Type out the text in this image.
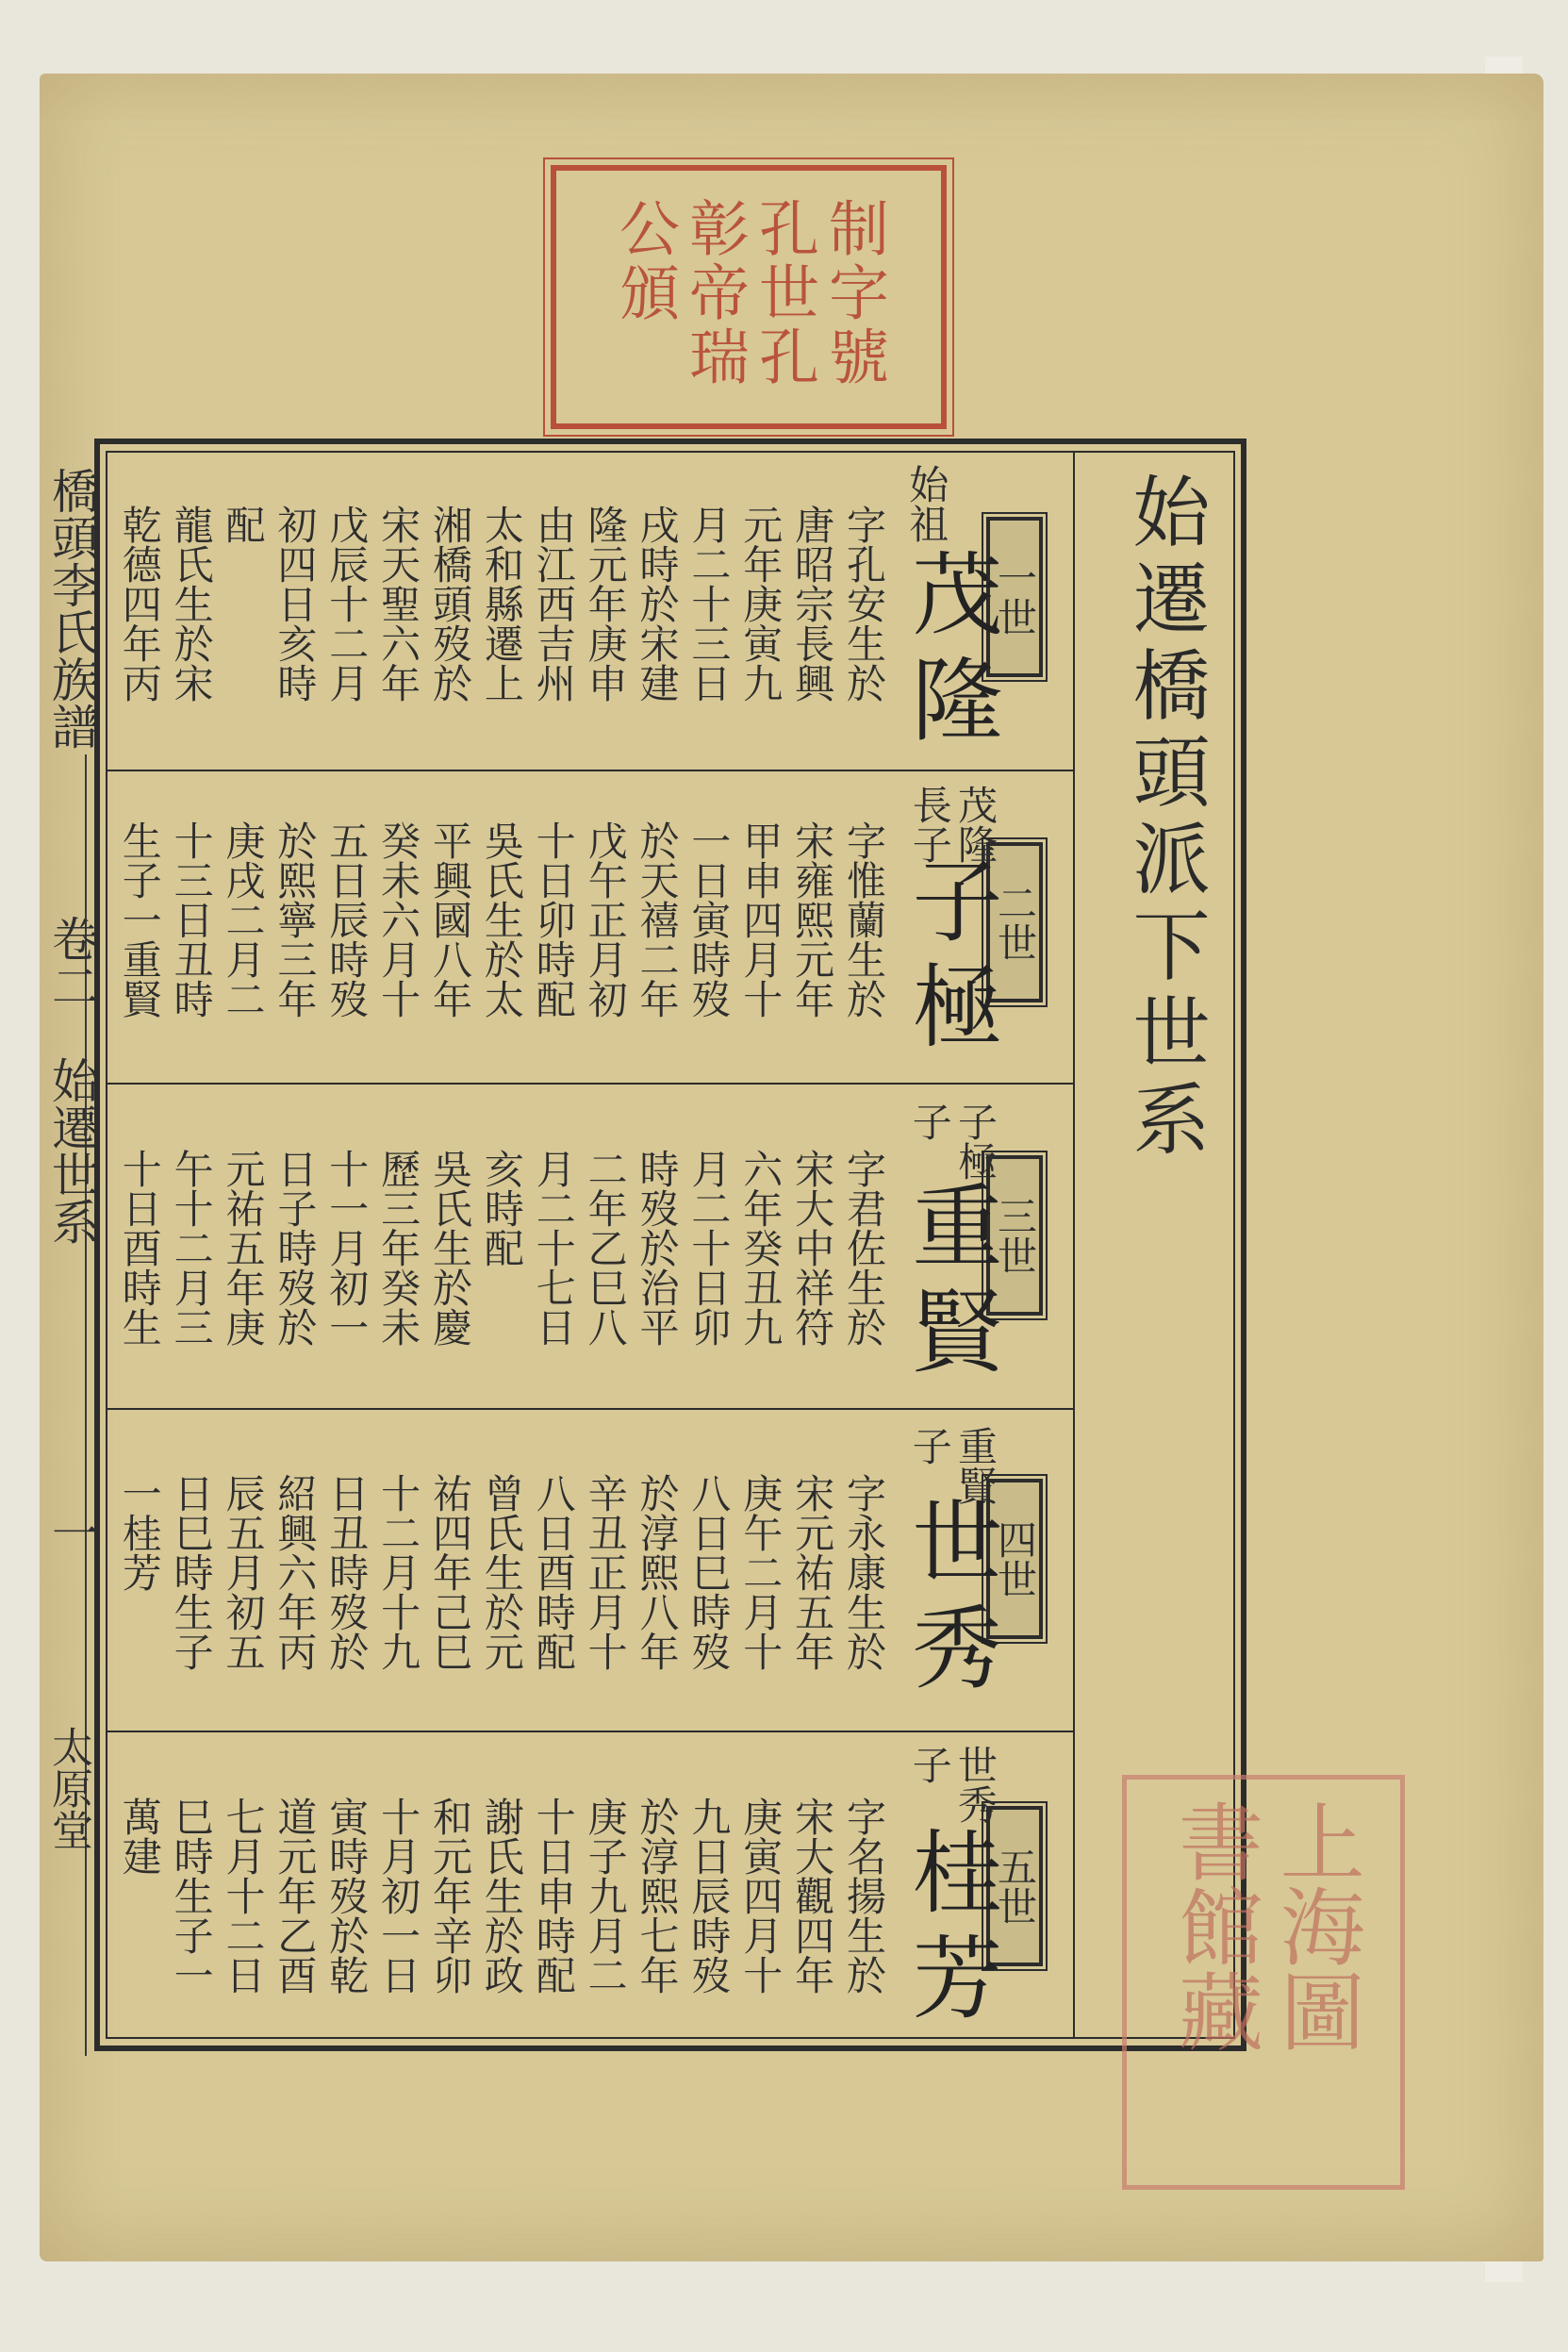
制字號
孔世孔
彰帝瑞
公頒
橋頭李氏族譜
卷二　始遷世系
一
太原堂
始遷橋頭派下世系
一世
茂隆
始祖
字孔安生於
唐昭宗長興
元年庚寅九
月二十三日
戌時於宋建
隆元年庚申
由江西吉州
太和縣遷上
湘橋頭歿於
宋天聖六年
戊辰十二月
初四日亥時
配
龍氏生於宋
乾德四年丙
二世
子極
茂隆長子
字惟蘭生於
宋雍熙元年
甲申四月十
一日寅時歿
於天禧二年
戊午正月初
十日卯時配
吳氏生於太
平興國八年
癸未六月十
五日辰時歿
於熙寧三年
庚戌二月二
十三日丑時
生子一重賢
三世
重賢
子極子
字君佐生於
宋大中祥符
六年癸丑九
月二十日卯
時歿於治平
二年乙巳八
月二十七日
亥時配
吳氏生於慶
歷三年癸未
十一月初一
日子時歿於
元祐五年庚
午十二月三
十日酉時生
四世
世秀
重賢子
字永康生於
宋元祐五年
庚午二月十
八日巳時歿
於淳熙八年
辛丑正月十
八日酉時配
曾氏生於元
祐四年己巳
十二月十九
日丑時歿於
紹興六年丙
辰五月初五
日巳時生子
一桂芳
五世
桂芳
世秀子
字名揚生於
宋大觀四年
庚寅四月十
九日辰時歿
於淳熙七年
庚子九月二
十日申時配
謝氏生於政
和元年辛卯
十月初一日
寅時歿於乾
道元年乙酉
七月十二日
巳時生子一
萬建	上海圖
書館藏
